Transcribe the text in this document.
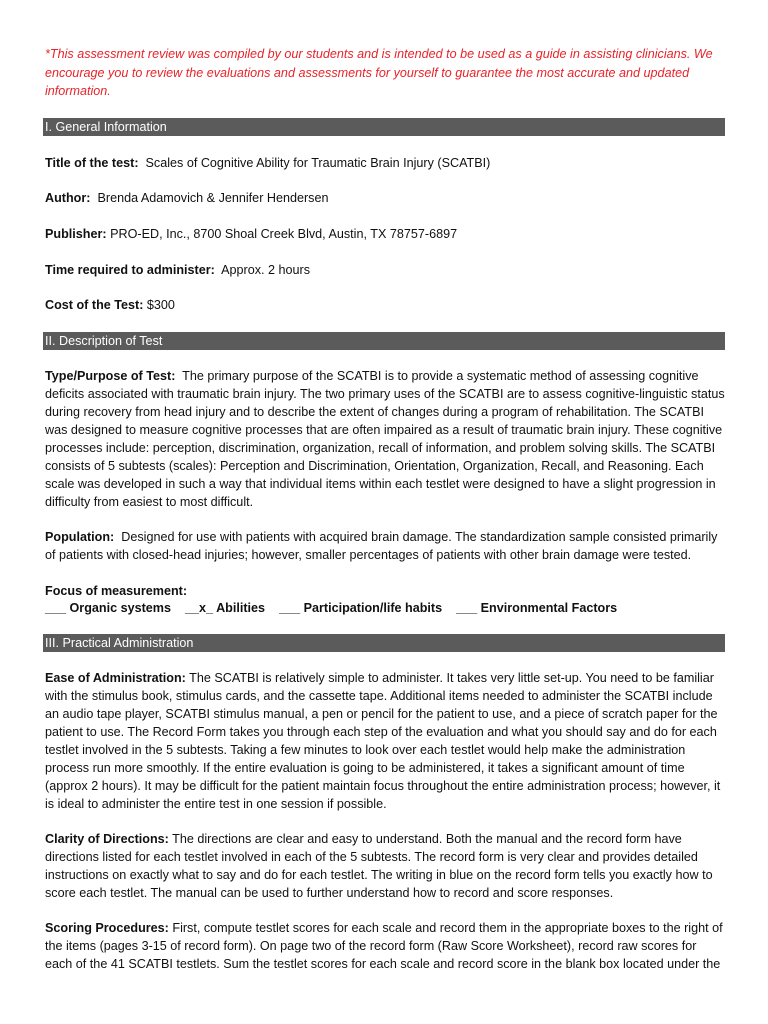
*This assessment review was compiled by our students and is intended to be used as a guide in assisting clinicians. We encourage you to review the evaluations and assessments for yourself to guarantee the most accurate and updated information.
I. General Information
Title of the test: Scales of Cognitive Ability for Traumatic Brain Injury (SCATBI)
Author: Brenda Adamovich & Jennifer Hendersen
Publisher: PRO-ED, Inc., 8700 Shoal Creek Blvd, Austin, TX 78757-6897
Time required to administer: Approx. 2 hours
Cost of the Test: $300
II. Description of Test
Type/Purpose of Test: The primary purpose of the SCATBI is to provide a systematic method of assessing cognitive deficits associated with traumatic brain injury. The two primary uses of the SCATBI are to assess cognitive-linguistic status during recovery from head injury and to describe the extent of changes during a program of rehabilitation. The SCATBI was designed to measure cognitive processes that are often impaired as a result of traumatic brain injury. These cognitive processes include: perception, discrimination, organization, recall of information, and problem solving skills. The SCATBI consists of 5 subtests (scales): Perception and Discrimination, Orientation, Organization, Recall, and Reasoning. Each scale was developed in such a way that individual items within each testlet were designed to have a slight progression in difficulty from easiest to most difficult.
Population: Designed for use with patients with acquired brain damage. The standardization sample consisted primarily of patients with closed-head injuries; however, smaller percentages of patients with other brain damage were tested.
Focus of measurement:
___ Organic systems __x_ Abilities ___ Participation/life habits ___ Environmental Factors
III. Practical Administration
Ease of Administration: The SCATBI is relatively simple to administer. It takes very little set-up. You need to be familiar with the stimulus book, stimulus cards, and the cassette tape. Additional items needed to administer the SCATBI include an audio tape player, SCATBI stimulus manual, a pen or pencil for the patient to use, and a piece of scratch paper for the patient to use. The Record Form takes you through each step of the evaluation and what you should say and do for each testlet involved in the 5 subtests. Taking a few minutes to look over each testlet would help make the administration process run more smoothly. If the entire evaluation is going to be administered, it takes a significant amount of time (approx 2 hours). It may be difficult for the patient maintain focus throughout the entire administration process; however, it is ideal to administer the entire test in one session if possible.
Clarity of Directions: The directions are clear and easy to understand. Both the manual and the record form have directions listed for each testlet involved in each of the 5 subtests. The record form is very clear and provides detailed instructions on exactly what to say and do for each testlet. The writing in blue on the record form tells you exactly how to score each testlet. The manual can be used to further understand how to record and score responses.
Scoring Procedures: First, compute testlet scores for each scale and record them in the appropriate boxes to the right of the items (pages 3-15 of record form). On page two of the record form (Raw Score Worksheet), record raw scores for each of the 41 SCATBI testlets. Sum the testlet scores for each scale and record score in the blank box located under the
